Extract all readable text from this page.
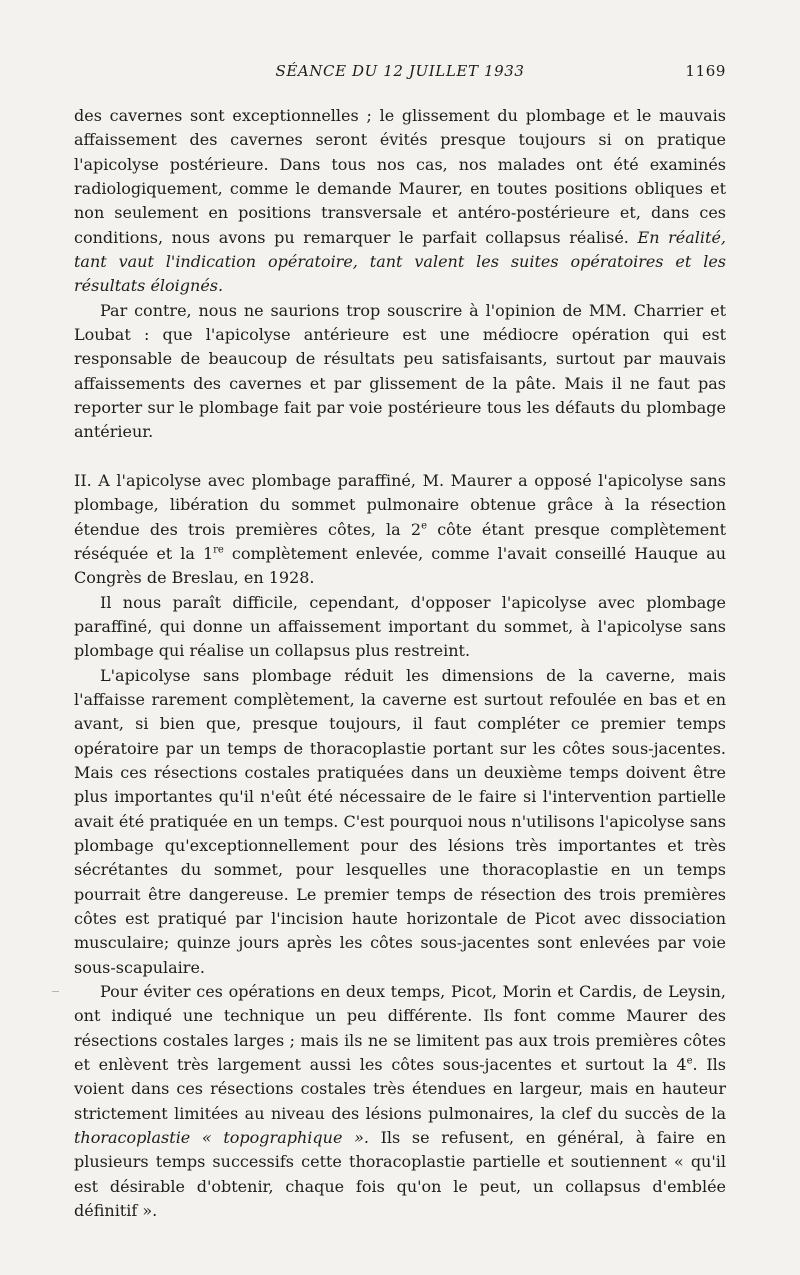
SÉANCE DU 12 JUILLET 1933	1169

des cavernes sont exceptionnelles ; le glissement du plombage et le mauvais affaissement des cavernes seront évités presque toujours si on pratique l'apicolyse postérieure. Dans tous nos cas, nos malades ont été examinés radiologiquement, comme le demande Maurer, en toutes positions obliques et non seulement en positions transversale et antéro-postérieure et, dans ces conditions, nous avons pu remarquer le parfait collapsus réalisé. En réalité, tant vaut l'indication opératoire, tant valent les suites opératoires et les résultats éloignés.

Par contre, nous ne saurions trop souscrire à l'opinion de MM. Charrier et Loubat : que l'apicolyse antérieure est une médiocre opération qui est responsable de beaucoup de résultats peu satisfaisants, surtout par mauvais affaissements des cavernes et par glissement de la pâte. Mais il ne faut pas reporter sur le plombage fait par voie postérieure tous les défauts du plombage antérieur.

II. A l'apicolyse avec plombage paraffiné, M. Maurer a opposé l'apicolyse sans plombage, libération du sommet pulmonaire obtenue grâce à la résection étendue des trois premières côtes, la 2e côte étant presque complètement réséquée et la 1re complètement enlevée, comme l'avait conseillé Hauque au Congrès de Breslau, en 1928.

Il nous paraît difficile, cependant, d'opposer l'apicolyse avec plombage paraffiné, qui donne un affaissement important du sommet, à l'apicolyse sans plombage qui réalise un collapsus plus restreint.

L'apicolyse sans plombage réduit les dimensions de la caverne, mais l'affaisse rarement complètement, la caverne est surtout refoulée en bas et en avant, si bien que, presque toujours, il faut compléter ce premier temps opératoire par un temps de thoracoplastie portant sur les côtes sous-jacentes. Mais ces résections costales pratiquées dans un deuxième temps doivent être plus importantes qu'il n'eût été nécessaire de le faire si l'intervention partielle avait été pratiquée en un temps. C'est pourquoi nous n'utilisons l'apicolyse sans plombage qu'exceptionnellement pour des lésions très importantes et très sécrétantes du sommet, pour lesquelles une thoracoplastie en un temps pourrait être dangereuse. Le premier temps de résection des trois premières côtes est pratiqué par l'incision haute horizontale de Picot avec dissociation musculaire; quinze jours après les côtes sous-jacentes sont enlevées par voie sous-scapulaire.

Pour éviter ces opérations en deux temps, Picot, Morin et Cardis, de Leysin, ont indiqué une technique un peu différente. Ils font comme Maurer des résections costales larges ; mais ils ne se limitent pas aux trois premières côtes et enlèvent très largement aussi les côtes sous-jacentes et surtout la 4e. Ils voient dans ces résections costales très étendues en largeur, mais en hauteur strictement limitées au niveau des lésions pulmonaires, la clef du succès de la thoracoplastie « topographique ». Ils se refusent, en général, à faire en plusieurs temps successifs cette thoracoplastie partielle et soutiennent « qu'il est désirable d'obtenir, chaque fois qu'on le peut, un collapsus d'emblée définitif ».
